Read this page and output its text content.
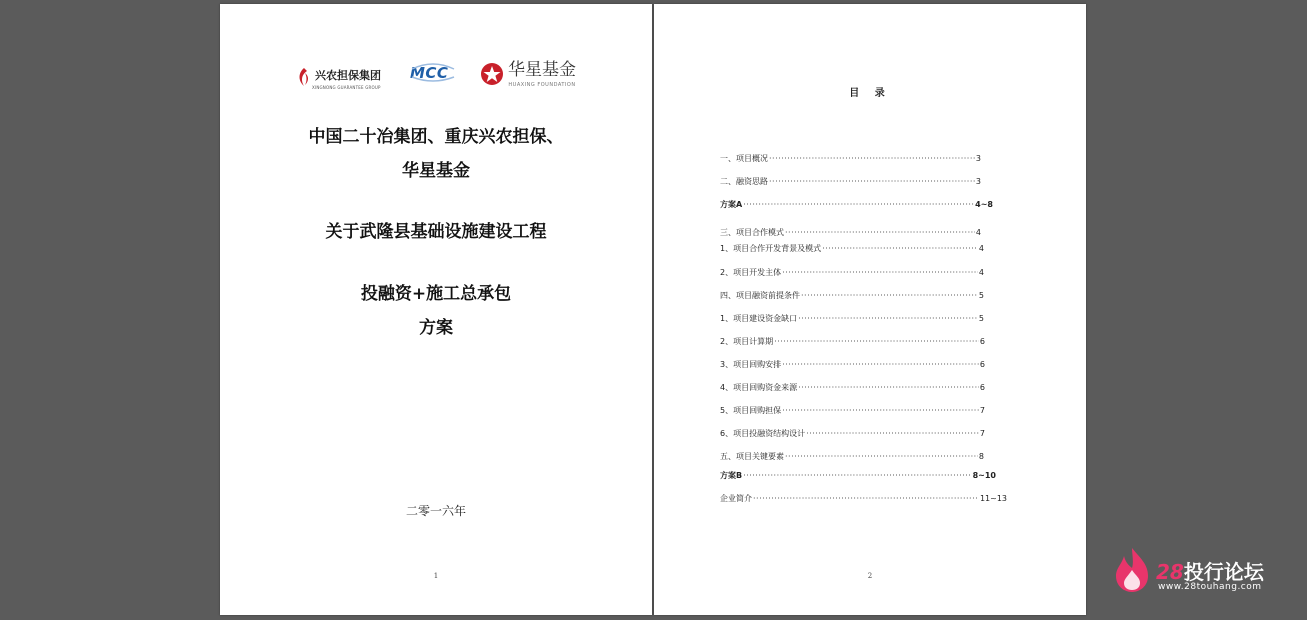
兴农担保集团
XINGNONG GUARANTEE GROUP
MCC	华星基金
HUAXING FOUNDATION
中国二十冶集团、重庆兴农担保、
华星基金
关于武隆县基础设施建设工程
投融资+施工总承包
方案
二零一六年
1
目 录
一、项目概况 ·····	3
二、融资思路 ·····	3
方案A ·····	4~8
三、项目合作模式 ·····	4
1、项目合作开发背景及模式 ·····	4
2、项目开发主体 ·····	4
四、项目融资前提条件 ·····	5
1、项目建设资金缺口 ·····	5
2、项目计算期 ·····	6
3、项目回购安排 ·····	6
4、项目回购资金来源 ·····	6
5、项目回购担保 ·····	7
6、项目投融资结构设计 ·····	7
五、项目关键要素 ·····	8
方案B ·····	8~10
企业简介 ·····	11~13
2	28投行论坛
www.28touhang.com
